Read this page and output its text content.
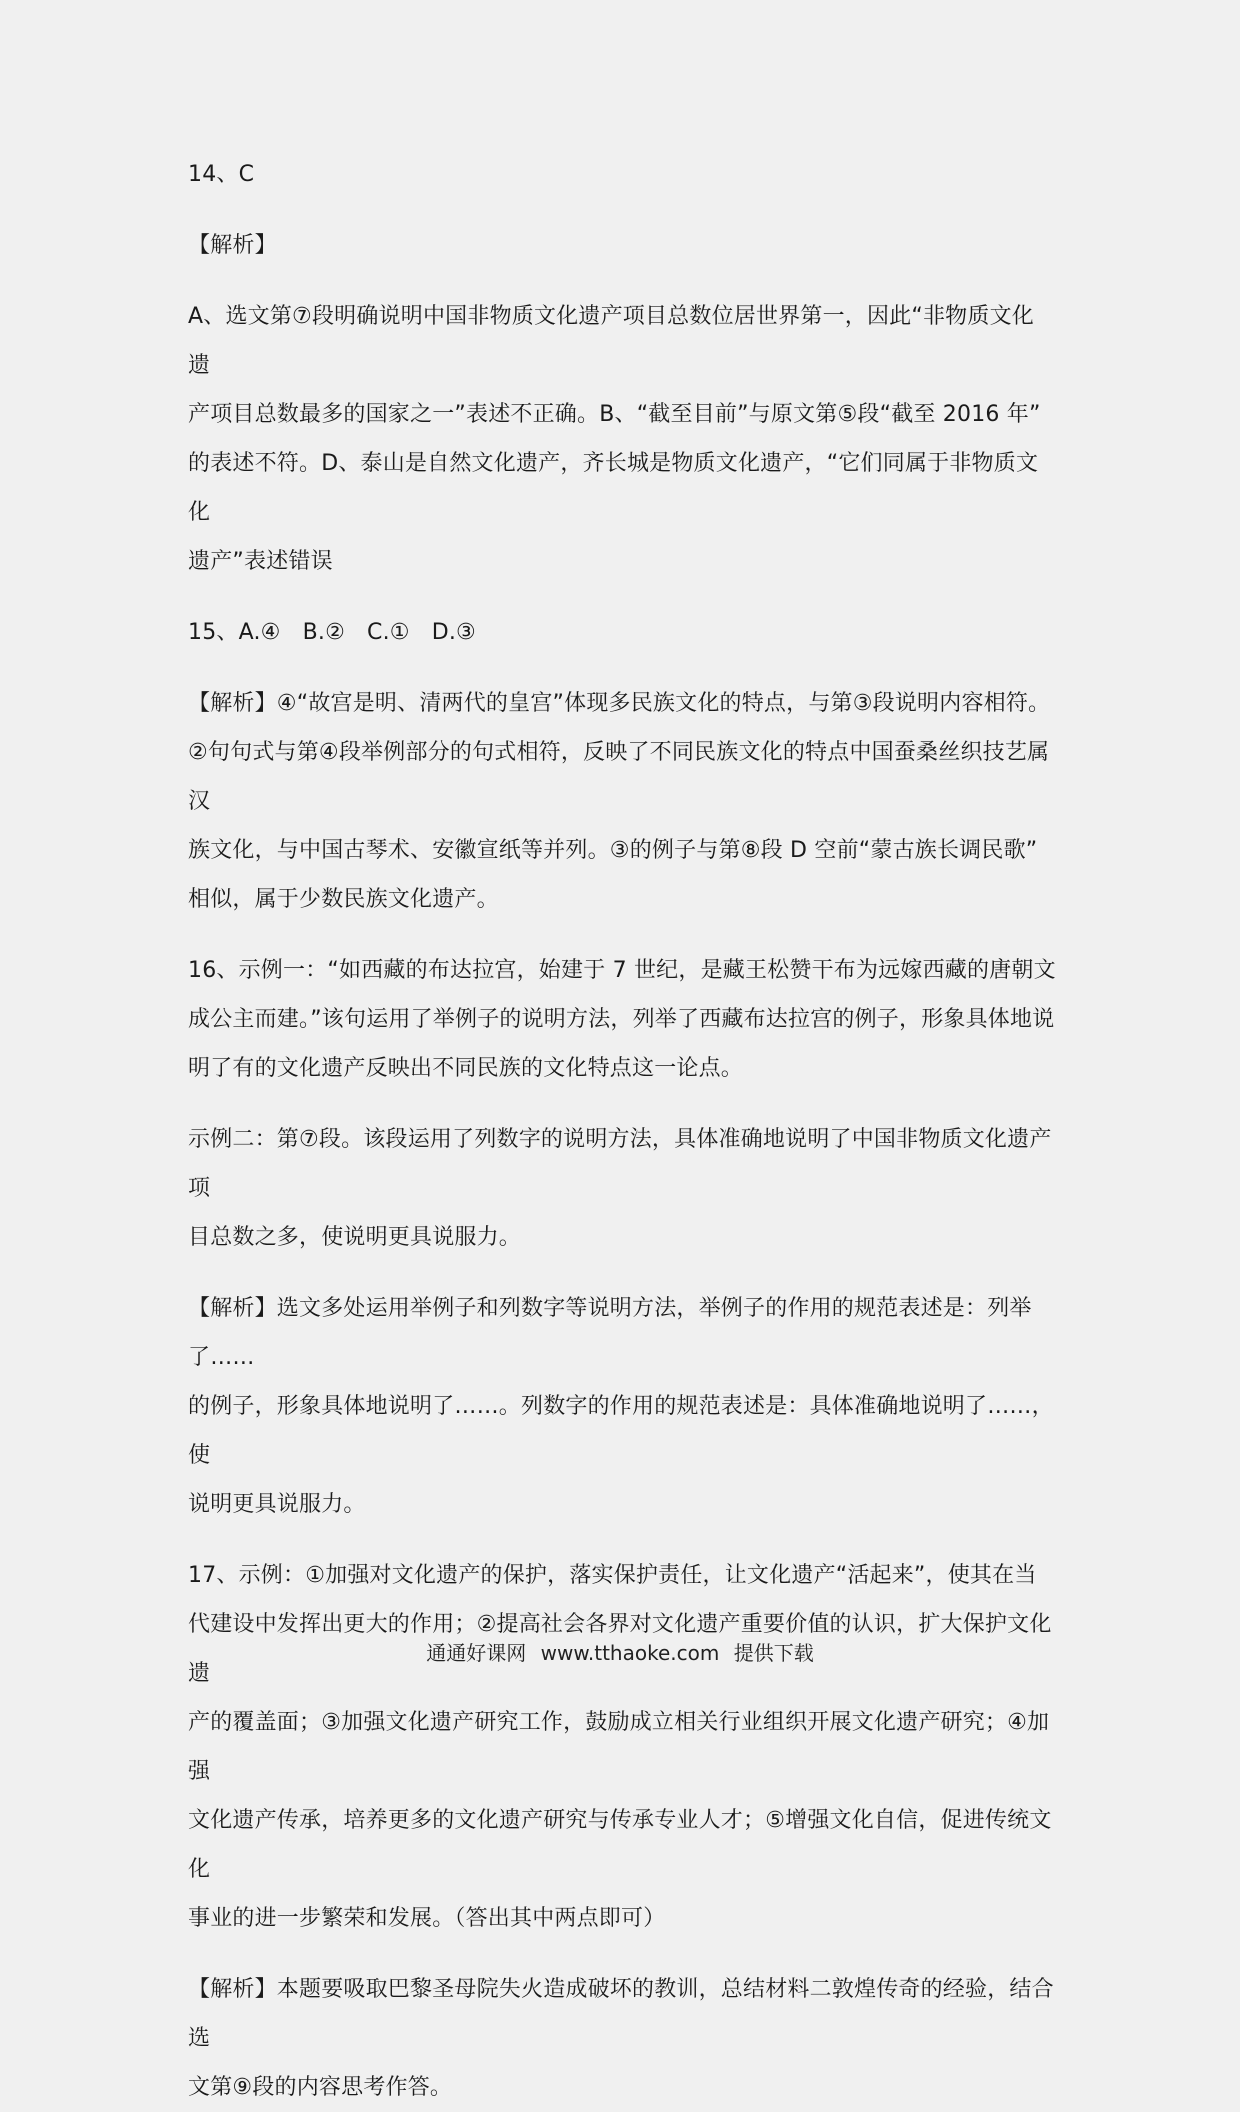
14、C

【解析】

A、选文第⑦段明确说明中国非物质文化遗产项目总数位居世界第一，因此“非物质文化遗

产项目总数最多的国家之一”表述不正确。B、“截至目前”与原文第⑤段“截至 2016 年”

的表述不符。D、泰山是自然文化遗产，齐长城是物质文化遗产，“它们同属于非物质文化

遗产”表述错误

15、A.④ B.② C.① D.③

【解析】④“故宫是明、清两代的皇宫”体现多民族文化的特点，与第③段说明内容相符。

②句句式与第④段举例部分的句式相符，反映了不同民族文化的特点中国蚕桑丝织技艺属汉

族文化，与中国古琴术、安徽宣纸等并列。③的例子与第⑧段 D 空前“蒙古族长调民歌”

相似，属于少数民族文化遗产。

16、示例一：“如西藏的布达拉宫，始建于 7 世纪，是藏王松赞干布为远嫁西藏的唐朝文

成公主而建。”该句运用了举例子的说明方法，列举了西藏布达拉宫的例子，形象具体地说

明了有的文化遗产反映出不同民族的文化特点这一论点。

示例二：第⑦段。该段运用了列数字的说明方法，具体准确地说明了中国非物质文化遗产项

目总数之多，使说明更具说服力。

【解析】选文多处运用举例子和列数字等说明方法，举例子的作用的规范表述是：列举了……

的例子，形象具体地说明了……。列数字的作用的规范表述是：具体准确地说明了……，使

说明更具说服力。

17、示例：①加强对文化遗产的保护，落实保护责任，让文化遗产“活起来”，使其在当

代建设中发挥出更大的作用；②提高社会各界对文化遗产重要价值的认识，扩大保护文化遗

产的覆盖面；③加强文化遗产研究工作，鼓励成立相关行业组织开展文化遗产研究；④加强

文化遗产传承，培养更多的文化遗产研究与传承专业人才；⑤增强文化自信，促进传统文化

事业的进一步繁荣和发展。（答出其中两点即可）

【解析】本题要吸取巴黎圣母院失火造成破坏的教训，总结材料二敦煌传奇的经验，结合选

文第⑨段的内容思考作答。

通通好课网 www.tthaoke.com 提供下载
